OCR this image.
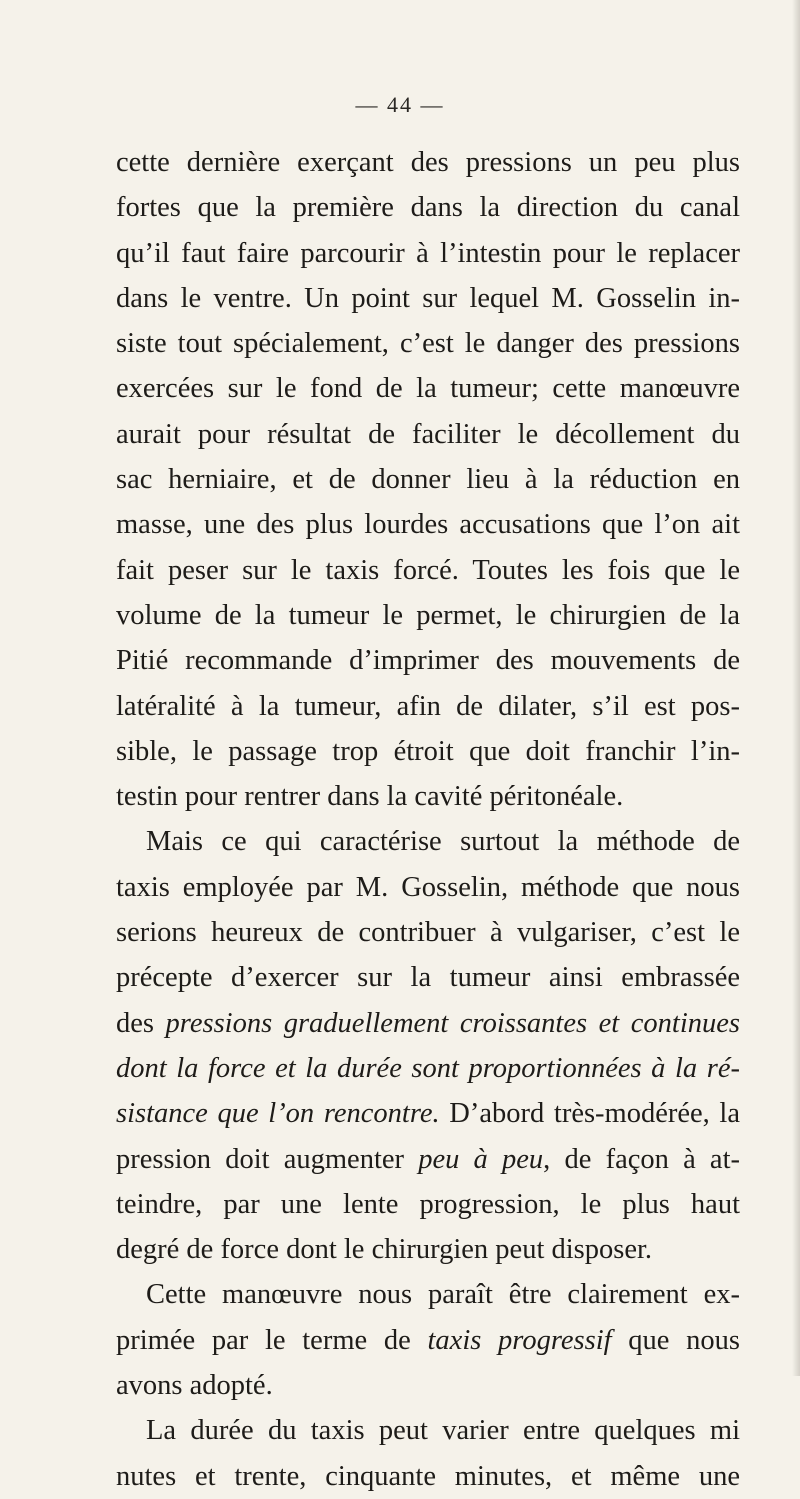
— 44 —
cette dernière exerçant des pressions un peu plus
fortes que la première dans la direction du canal
qu’il faut faire parcourir à l’intestin pour le replacer
dans le ventre. Un point sur lequel M. Gosselin in-
siste tout spécialement, c’est le danger des pressions
exercées sur le fond de la tumeur; cette manœuvre
aurait pour résultat de faciliter le décollement du
sac herniaire, et de donner lieu à la réduction en
masse, une des plus lourdes accusations que l’on ait
fait peser sur le taxis forcé. Toutes les fois que le
volume de la tumeur le permet, le chirurgien de la
Pitié recommande d’imprimer des mouvements de
latéralité à la tumeur, afin de dilater, s’il est pos-
sible, le passage trop étroit que doit franchir l’in-
testin pour rentrer dans la cavité péritonéale.
Mais ce qui caractérise surtout la méthode de
taxis employée par M. Gosselin, méthode que nous
serions heureux de contribuer à vulgariser, c’est le
précepte d’exercer sur la tumeur ainsi embrassée
des pressions graduellement croissantes et continues
dont la force et la durée sont proportionnées à la ré-
sistance que l’on rencontre. D’abord très-modérée, la
pression doit augmenter peu à peu, de façon à at-
teindre, par une lente progression, le plus haut
degré de force dont le chirurgien peut disposer.
Cette manœuvre nous paraît être clairement ex-
primée par le terme de taxis progressif que nous
avons adopté.
La durée du taxis peut varier entre quelques mi
nutes et trente, cinquante minutes, et même une
